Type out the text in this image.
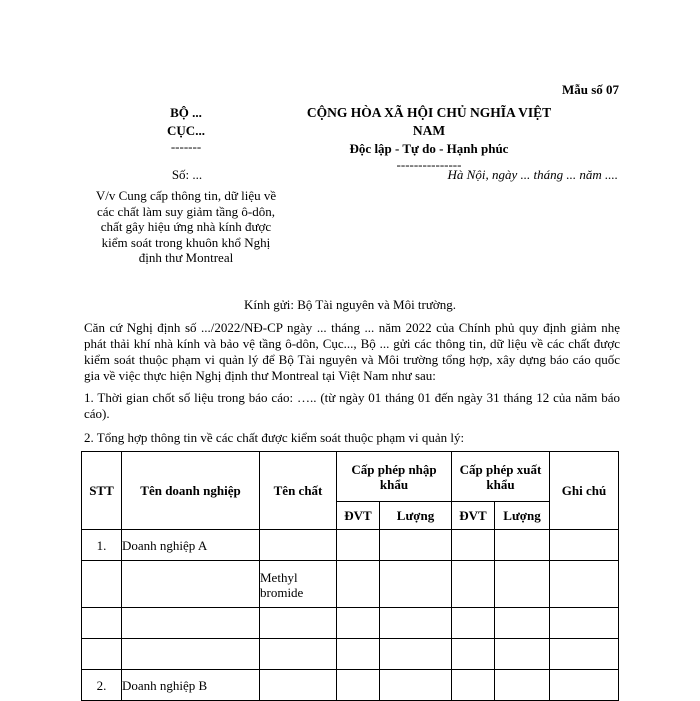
Mẫu số 07
BỘ ...
CỤC...
-------
CỘNG HÒA XÃ HỘI CHỦ NGHĨA VIỆT NAM
Độc lập - Tự do - Hạnh phúc
---------------
Số: ...	Hà Nội, ngày ... tháng ... năm ....
V/v Cung cấp thông tin, dữ liệu về
các chất làm suy giảm tầng ô-dôn,
chất gây hiệu ứng nhà kính được
kiểm soát trong khuôn khổ Nghị
định thư Montreal
Kính gửi: Bộ Tài nguyên và Môi trường.
Căn cứ Nghị định số .../2022/NĐ-CP ngày ... tháng ... năm 2022 của Chính phủ quy định giảm nhẹ phát thải khí nhà kính và bảo vệ tầng ô-dôn, Cục..., Bộ ... gửi các thông tin, dữ liệu về các chất được kiểm soát thuộc phạm vi quản lý để Bộ Tài nguyên và Môi trường tổng hợp, xây dựng báo cáo quốc gia về việc thực hiện Nghị định thư Montreal tại Việt Nam như sau:
1. Thời gian chốt số liệu trong báo cáo: ….. (từ ngày 01 tháng 01 đến ngày 31 tháng 12 của năm báo cáo).
2. Tổng hợp thông tin về các chất được kiểm soát thuộc phạm vi quản lý:
STT	Tên doanh nghiệp	Tên chất	Cấp phép nhập khẩu		Cấp phép xuất khẩu		Ghi chú
			ĐVT	Lượng	ĐVT	Lượng	
1.	Doanh nghiệp A						
		Methyl bromide					

2.	Doanh nghiệp B						
